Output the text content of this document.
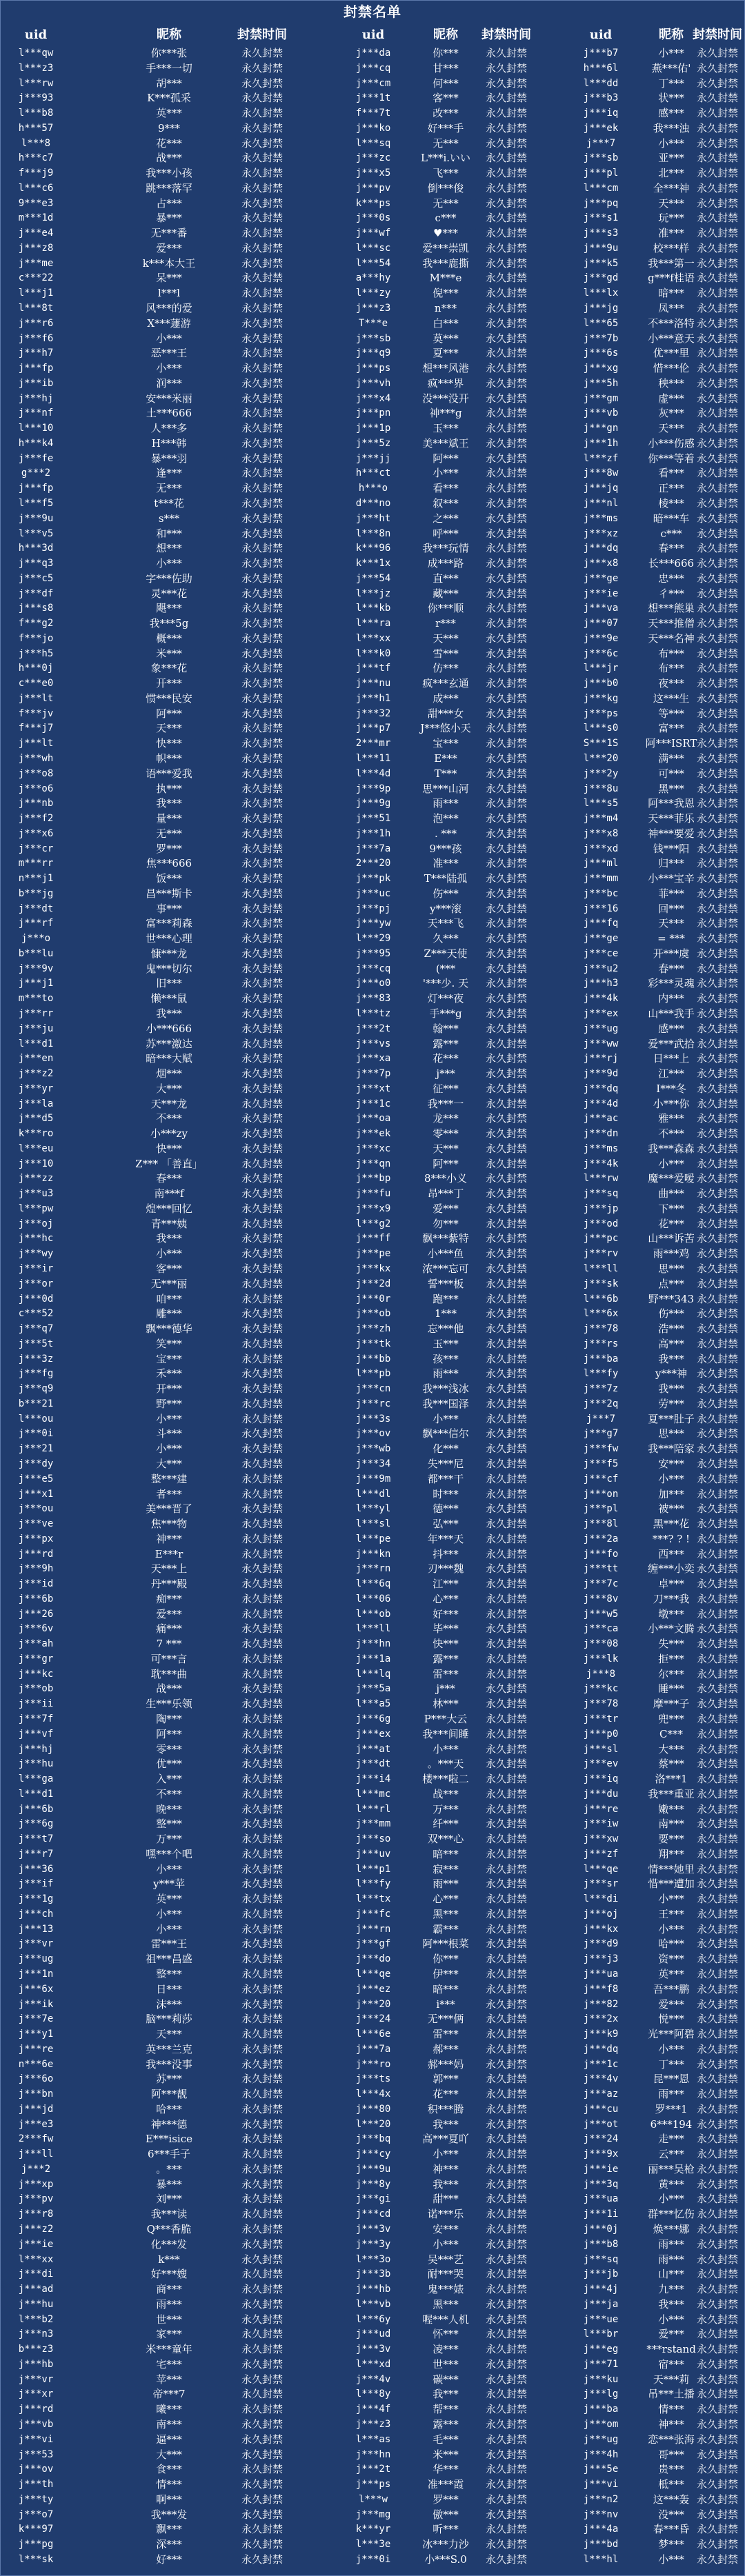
封禁名单
uid	昵称	封禁时间	uid	昵称 封禁时间	uid	昵称 封禁时间
l***qw	你***张	永久封禁	j***da	你***	永久封禁	j***b7	小*** 永久封禁
l***z3	手***一切	永久封禁	j***cq	甘***	永久封禁	h***6l	燕***佑' 永久封禁
l***rw	胡***	永久封禁	j***cm	何***	永久封禁	l***dd	丁*** 永久封禁
j***93	K***孤采	永久封禁	j***1t	客***	永久封禁	j***b3	状*** 永久封禁
l***b8	英***	永久封禁	f***7t	改***	永久封禁	j***iq	感*** 永久封禁
h***57	9***	永久封禁	j***ko	好***手 永久封禁	j***ek	我***浊 永久封禁
l***8	花***	永久封禁	l***sq	无***	永久封禁	j***7	小*** 永久封禁
h***c7	战***	永久封禁	j***zc	L***i.いい 永久封禁	j***sb	亚*** 永久封禁
f***j9	我***小孩	永久封禁	j***x5	飞***	永久封禁	j***pl	北*** 永久封禁
l***c6	跳***落罕	永久封禁	j***pv	倒***俊 永久封禁	l***cm	全***神 永久封禁
9***e3	占***	永久封禁	k***ps	无***	永久封禁	j***pq	天*** 永久封禁
m***1d	暴***	永久封禁	j***0s	c***	永久封禁	j***s1	玩*** 永久封禁
j***e4	无***番	永久封禁	j***wf	♥***	永久封禁	j***s3	准*** 永久封禁
j***z8	爱***	永久封禁	l***sc	爱***崇凯 永久封禁	j***9u	校***样 永久封禁
j***me	k***本大王	永久封禁	l***54	我***鹿撕 永久封禁	j***k5	我***第一 永久封禁
c***22	呆***	永久封禁	a***hy	M***e 永久封禁	j***gd	g***f桂语 永久封禁
l***j1	l***l	永久封禁	l***zy	倪***	永久封禁	l***lx	暗*** 永久封禁
l***8t	风***的爱	永久封禁	j***z3	n***	永久封禁	j***jg	凤*** 永久封禁
j***r6	X***蘧游	永久封禁	T***e	白***	永久封禁	l***65	不***洛特 永久封禁
j***f6	小***	永久封禁	j***sb	莫***	永久封禁	j***7b	小***意天 永久封禁
j***h7	恶***王	永久封禁	j***q9	夏***	永久封禁	j***6s	优***里 永久封禁
j***fp	小***	永久封禁	j***ps	想***风港 永久封禁	j***xg	惜***伦 永久封禁
j***ib	润***	永久封禁	j***vh	疯***界 永久封禁	j***5h	秧*** 永久封禁
j***hj	安***米丽	永久封禁	j***x4	没***没开 永久封禁	j***gm	虚*** 永久封禁
j***nf	土***666	永久封禁	j***pn	神***g 永久封禁	j***vb	灰*** 永久封禁
l***10	人***多	永久封禁	j***1p	玉***	永久封禁	j***gn	天*** 永久封禁
h***k4	H***韩	永久封禁	j***5z	美***斌王 永久封禁	j***1h	小***伤感 永久封禁
j***fe	暴***羽	永久封禁	j***jj	阿***	永久封禁	l***zf	你***等着 永久封禁
g***2	逢***	永久封禁	h***ct	小***	永久封禁	j***8w	看*** 永久封禁
j***fp	无***	永久封禁	h***o	看***	永久封禁	j***jq	正*** 永久封禁
l***f5	t***花	永久封禁	d***no	叙***	永久封禁	j***nl	棱*** 永久封禁
j***9u	s***	永久封禁	j***ht	之***	永久封禁	j***ms	暗***车 永久封禁
l***v5	和***	永久封禁	l***8n	呼***	永久封禁	j***xz	c*** 永久封禁
h***3d	想***	永久封禁	k***96	我***玩情 永久封禁	j***dq	春*** 永久封禁
j***q3	小***	永久封禁	k***1x	成***路 永久封禁	j***x8	长***666 永久封禁
j***c5	字***佐助	永久封禁	j***54	直***	永久封禁	j***ge	忠*** 永久封禁
j***df	灵***花	永久封禁	l***jz	藏***	永久封禁	j***ie	彳*** 永久封禁
j***s8	飓***	永久封禁	l***kb	你***顺 永久封禁	j***va	想***熊巢 永久封禁
f***g2	我***5g	永久封禁	l***ra	r***	永久封禁	j***07	天***推僧 永久封禁
f***jo	概***	永久封禁	l***xx	天***	永久封禁	j***9e	天***名神 永久封禁
j***h5	米***	永久封禁	l***k0	雪***	永久封禁	j***6c	布*** 永久封禁
h***0j	象***花	永久封禁	j***tf	仿***	永久封禁	l***jr	布*** 永久封禁
c***e0	开***	永久封禁	j***nu	疯***玄通 永久封禁	j***b0	夜*** 永久封禁
j***lt	惯***民安	永久封禁	j***h1	成***	永久封禁	j***kg	这***生 永久封禁
f***jv	阿***	永久封禁	j***32	甜***女 永久封禁	j***ps	等*** 永久封禁
f***j7	天***	永久封禁	j***p7	J***悠小天 永久封禁	l***s0	富*** 永久封禁
j***lt	快***	永久封禁	2***mr	宝***	永久封禁	S***1S	阿***ISRT 永久封禁
j***wh	帜***	永久封禁	l***11	E***	永久封禁	l***20	满*** 永久封禁
j***o8	语***爱我	永久封禁	l***4d	T***	永久封禁	j***2y	可*** 永久封禁
j***o6	执***	永久封禁	j***9p	思***山河 永久封禁	j***8u	黑*** 永久封禁
j***nb	我***	永久封禁	j***9g	雨***	永久封禁	l***s5	阿***我恩 永久封禁
j***f2	量***	永久封禁	j***51	泡***	永久封禁	j***m4	天***菲乐 永久封禁
j***x6	无***	永久封禁	j***1h	. ***	永久封禁	j***x8	神***要爱 永久封禁
j***cr	罗***	永久封禁	j***7a	9***孩 永久封禁	j***xd	钱***阳 永久封禁
m***rr	焦***666	永久封禁	2***20	准***	永久封禁	j***ml	归*** 永久封禁
n***j1	饭***	永久封禁	j***pk	T***陆孤 永久封禁	j***mm	小***宝辛 永久封禁
b***jg	昌***斯卡	永久封禁	j***uc	伤***	永久封禁	j***bc	菲*** 永久封禁
j***dt	事***	永久封禁	j***pj	y***滚 永久封禁	j***16	回*** 永久封禁
j***rf	富***莉森	永久封禁	j***yw	天***飞 永久封禁	j***fq	天*** 永久封禁
j***o	世***心理	永久封禁	l***29	久***	永久封禁	j***ge	= *** 永久封禁
b***lu	慷***龙	永久封禁	j***95	Z***天使 永久封禁	j***ce	开***虞 永久封禁
j***9v	鬼***切尔	永久封禁	j***cq	(***	永久封禁	j***u2	春*** 永久封禁
j***j1	旧***	永久封禁	j***o0	'***少. 天 永久封禁	j***h3	彩***灵魂 永久封禁
m***to	懒***鼠	永久封禁	j***83	灯***夜 永久封禁	j***4k	内*** 永久封禁
j***rr	我***	永久封禁	l***tz	手***g 永久封禁	j***ex	山***我手 永久封禁
j***ju	小***666	永久封禁	j***2t	翰***	永久封禁	j***ug	感*** 永久封禁
l***d1	苏***激达	永久封禁	j***vs	露***	永久封禁	j***ww	爱***武拾 永久封禁
j***en	暗***大赋	永久封禁	j***xa	花***	永久封禁	j***rj	日***上 永久封禁
j***z2	烟***	永久封禁	j***7p	j***	永久封禁	j***9d	江*** 永久封禁
j***yr	大***	永久封禁	j***xt	征***	永久封禁	j***dq	I***冬 永久封禁
j***la	天***龙	永久封禁	j***1c	我***一 永久封禁	j***4d	小***你 永久封禁
j***d5	不***	永久封禁	j***oa	龙***	永久封禁	j***ac	雅*** 永久封禁
k***ro	小***zy	永久封禁	j***ek	零***	永久封禁	j***dn	不*** 永久封禁
l***eu	快***	永久封禁	j***xc	天***	永久封禁	j***ms	我***森森 永久封禁
j***10	Z*** 「善直」	永久封禁	j***qn	阿***	永久封禁	j***4k	小*** 永久封禁
j***zz	春***	永久封禁	j***bp	8***小义 永久封禁	l***rw	魔***爱嗳 永久封禁
j***u3	南***f	永久封禁	j***fu	昂***丁 永久封禁	j***sq	曲*** 永久封禁
l***pw	煌***回忆	永久封禁	j***x9	爱***	永久封禁	j***jp	下*** 永久封禁
j***oj	青***姨	永久封禁	l***g2	勿***	永久封禁	j***od	花*** 永久封禁
j***hc	我***	永久封禁	j***ff	飘***紫特 永久封禁	j***pc	山***诉苦 永久封禁
j***wy	小***	永久封禁	j***pe	小***鱼 永久封禁	j***rv	雨***鸡 永久封禁
j***ir	客***	永久封禁	j***kx	浓***忘可 永久封禁	l***ll	思*** 永久封禁
j***or	无***丽	永久封禁	j***2d	誓***板 永久封禁	j***sk	点*** 永久封禁
j***0d	咱***	永久封禁	j***0r	跑***	永久封禁	l***6b	野***343 永久封禁
c***52	雕***	永久封禁	j***ob	1***	永久封禁	l***6x	伤*** 永久封禁
j***q7	飘***德华	永久封禁	j***zh	忘***他 永久封禁	j***78	浩*** 永久封禁
j***5t	笑***	永久封禁	j***tk	玉***	永久封禁	j***rs	高*** 永久封禁
j***3z	宝***	永久封禁	j***bb	孩***	永久封禁	j***ba	我*** 永久封禁
j***fg	禾***	永久封禁	l***pb	雨***	永久封禁	l***fy	y***神 永久封禁
j***q9	开***	永久封禁	j***cn	我***浅冰 永久封禁	j***7z	我*** 永久封禁
b***21	野***	永久封禁	j***rc	我***国泽 永久封禁	j***2q	劳*** 永久封禁
l***ou	小***	永久封禁	j***3s	小***	永久封禁	j***7	夏***肚子 永久封禁
j***0i	斗***	永久封禁	j***ov	飘***信尔 永久封禁	j***g7	思*** 永久封禁
j***21	小***	永久封禁	j***wb	化***	永久封禁	j***fw	我***陪家 永久封禁
j***dy	大***	永久封禁	j***34	失***尼 永久封禁	j***f5	安*** 永久封禁
j***e5	整***建	永久封禁	j***9m	都***干 永久封禁	j***cf	小*** 永久封禁
j***x1	者***	永久封禁	l***dl	时***	永久封禁	j***on	加*** 永久封禁
j***ou	美***晋了	永久封禁	l***yl	德***	永久封禁	j***pl	被*** 永久封禁
j***ve	焦***物	永久封禁	l***sl	弘***	永久封禁	j***8l	黑***花 永久封禁
j***px	神***	永久封禁	l***pe	年***天 永久封禁	j***2a	***? ? ! 永久封禁
j***rd	E***r	永久封禁	j***kn	抖***	永久封禁	j***fo	西*** 永久封禁
j***9h	天***上	永久封禁	j***rn	刃***魏 永久封禁	j***tt	缠***小奕 永久封禁
j***id	丹***殿	永久封禁	l***6q	江***	永久封禁	j***7c	卓*** 永久封禁
j***6b	痴***	永久封禁	l***06	心***	永久封禁	j***8v	刀***我 永久封禁
j***26	爱***	永久封禁	l***ob	好***	永久封禁	j***w5	墩*** 永久封禁
j***6v	痛***	永久封禁	l***ll	毕***	永久封禁	j***ca	小***文腾 永久封禁
j***ah	7 ***	永久封禁	j***hn	快***	永久封禁	j***08	失*** 永久封禁
j***gr	可***言	永久封禁	j***1a	露***	永久封禁	j***lk	拒*** 永久封禁
j***kc	耽***曲	永久封禁	l***lq	雷***	永久封禁	j***8	尔*** 永久封禁
j***ob	战***	永久封禁	j***5a	j***	永久封禁	j***kc	睡*** 永久封禁
j***ii	生***乐领	永久封禁	l***a5	林***	永久封禁	j***78	摩***子 永久封禁
j***7f	陶***	永久封禁	j***6g	P***大云 永久封禁	j***tr	兜*** 永久封禁
j***vf	阿***	永久封禁	j***ex	我***间睡 永久封禁	j***p0	C*** 永久封禁
j***hj	零***	永久封禁	j***at	小***	永久封禁	j***sl	大*** 永久封禁
j***hu	优***	永久封禁	j***dt	。***天 永久封禁	j***ev	蔡*** 永久封禁
l***ga	入***	永久封禁	j***i4	楼***啦二 永久封禁	j***iq	洛***1 永久封禁
l***d1	不***	永久封禁	l***mc	战***	永久封禁	j***du	我***重亚 永久封禁
j***6b	晚***	永久封禁	l***rl	万***	永久封禁	j***re	嫩*** 永久封禁
j***6g	整***	永久封禁	j***mm	纤***	永久封禁	j***iw	南*** 永久封禁
j***t7	万***	永久封禁	j***so	双***心 永久封禁	j***xw	要*** 永久封禁
j***r7	嘿***个吧	永久封禁	j***uv	暗***	永久封禁	j***zf	翔*** 永久封禁
j***36	小***	永久封禁	l***p1	寂***	永久封禁	l***qe	情***她里 永久封禁
j***if	y***苹	永久封禁	l***fy	雨***	永久封禁	j***sr	惜***遭加 永久封禁
j***1g	英***	永久封禁	l***tx	心***	永久封禁	l***di	小*** 永久封禁
j***ch	小***	永久封禁	j***fc	黑***	永久封禁	j***oj	王*** 永久封禁
j***13	小***	永久封禁	j***rn	霸***	永久封禁	j***kx	小*** 永久封禁
j***vr	雷***王	永久封禁	j***gf	阿***根菜 永久封禁	j***d9	哈*** 永久封禁
j***ug	祖***昌盛	永久封禁	j***do	你***	永久封禁	j***j3	资*** 永久封禁
j***1n	整***	永久封禁	l***qe	伊***	永久封禁	j***ua	英*** 永久封禁
j***6x	日***	永久封禁	j***ez	暗***	永久封禁	j***f8	吾***鹏 永久封禁
j***ik	沫***	永久封禁	j***20	i***	永久封禁	j***82	爱*** 永久封禁
j***7e	脑***莉莎	永久封禁	j***24	无***俩 永久封禁	j***2x	悦*** 永久封禁
j***y1	天***	永久封禁	l***6e	雷***	永久封禁	j***k9	光***阿碧 永久封禁
j***re	英***兰克	永久封禁	j***7a	郝***	永久封禁	j***dq	小*** 永久封禁
n***6e	我***没事	永久封禁	j***ro	郝***妈 永久封禁	j***1c	丁*** 永久封禁
j***6o	苏***	永久封禁	j***ts	郭***	永久封禁	j***4v	昆***恩 永久封禁
j***bn	阿***靓	永久封禁	l***4x	花***	永久封禁	j***az	雨*** 永久封禁
j***jd	哈***	永久封禁	j***80	积***腾 永久封禁	j***cu	罗***1 永久封禁
j***e3	神***德	永久封禁	l***20	我***	永久封禁	j***ot	6***194 永久封禁
2***fw	E***isice	永久封禁	j***bq	高***夏吖 永久封禁	j***24	走*** 永久封禁
j***ll	6***手子	永久封禁	j***cy	小***	永久封禁	j***9x	云*** 永久封禁
j***2	。***	永久封禁	j***9u	神***	永久封禁	j***ie	丽***吴枪 永久封禁
j***xp	暴***	永久封禁	j***8y	我***	永久封禁	j***3q	黄*** 永久封禁
j***pv	刘***	永久封禁	j***gi	甜***	永久封禁	j***ua	小*** 永久封禁
j***r8	我***读	永久封禁	j***cd	诺***乐 永久封禁	j***1i	群***忆伤 永久封禁
j***z2	Q***香脆	永久封禁	j***3v	安***	永久封禁	j***0j	焕***娜 永久封禁
j***ie	化***发	永久封禁	j***3y	小***	永久封禁	j***b8	雨*** 永久封禁
l***xx	k***	永久封禁	l***3o	吴***艺 永久封禁	j***sq	雨*** 永久封禁
j***di	好***嫂	永久封禁	j***3b	耐***哭 永久封禁	j***jb	山*** 永久封禁
j***ad	商***	永久封禁	j***hb	鬼***婊 永久封禁	j***4j	九*** 永久封禁
j***hu	雨***	永久封禁	l***vb	黑***	永久封禁	j***ja	我*** 永久封禁
l***b2	世***	永久封禁	l***6y	喔***人机 永久封禁	j***ue	小*** 永久封禁
j***n3	家***	永久封禁	j***ud	怀***	永久封禁	l***br	爱*** 永久封禁
b***z3	米***童年	永久封禁	j***3v	凌***	永久封禁	j***eg	***rstand 永久封禁
j***hb	宅***	永久封禁	l***xd	世***	永久封禁	j***71	宿*** 永久封禁
j***vr	苹***	永久封禁	j***4v	碳***	永久封禁	j***ku	天***莉 永久封禁
j***xr	帝***7	永久封禁	l***8y	我***	永久封禁	j***lg	吊***土播 永久封禁
j***rd	曦***	永久封禁	j***4f	帮***	永久封禁	j***ba	情*** 永久封禁
j***vb	南***	永久封禁	j***z3	露***	永久封禁	j***om	神*** 永久封禁
j***vi	逼***	永久封禁	l***as	毛***	永久封禁	j***ug	恋***张海 永久封禁
j***53	大***	永久封禁	j***hn	米***	永久封禁	j***4h	哥*** 永久封禁
j***ov	食***	永久封禁	j***2t	华***	永久封禁	j***5e	贵*** 永久封禁
j***th	情***	永久封禁	j***ps	准***霞 永久封禁	j***vi	柢*** 永久封禁
j***ty	啊***	永久封禁	l***w	罗***	永久封禁	j***n2	这***轰 永久封禁
j***o7	我***发	永久封禁	j***mg	傲***	永久封禁	j***nv	没*** 永久封禁
k***97	飘***	永久封禁	k***yr	听***	永久封禁	j***4a	春***昏 永久封禁
j***pg	深***	永久封禁	l***3e	冰***力沙 永久封禁	j***bd	梦*** 永久封禁
l***sk	好***	永久封禁	j***0i	小***S.0 永久封禁	l***hl	小*** 永久封禁
